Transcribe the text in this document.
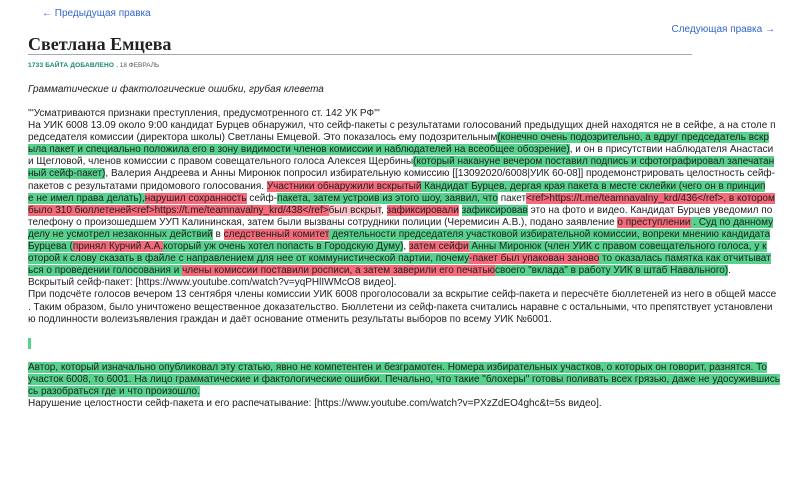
← Предыдущая правка
Следующая правка →
Светлана Емцева
1733 БАЙТА ДОБАВЛЕНО , 18 ФЕВРАЛЬ
Грамматические и фактологические ошибки, грубая клевета
'''Усматриваются признаки преступления, предусмотренного ст. 142 УК РФ'''
На УИК 6008 13.09 около 9:00 кандидат Бурцев обнаружил, что сейф-пакеты с результатами голосований предыдущих дней находятся не в сейфе, а на столе п
редседателя комиссии (директора школы) Светланы Емцевой. Это показалось ему подозрительным(конечно очень подозрительно, а вдруг председатель вскр
ыла пакет и специально положила его в зону видимости членов комиссии и наблюдателей на всеобщее обозрение), и он в присутствии наблюдателя Анастаси
и Щегловой, членов комиссии с правом совещательного голоса Алексея Щербины(который накануне вечером поставил подпись и сфотографировал запечатан
ный сейф-пакет), Валерия Андреева и Анны Миронюк попросил избирательную комиссию [[13092020/6008|УИК 60-08]] продемонстрировать целостность сейф-
пакетов с результатами придомового голосования. Участники обнаружили вскрытый Кандидат Бурцев, дергая края пакета в месте склейки (чего он в принцип
е не имел права делать),нарушил сохранность сейф-пакета, затем устроив из этого шоу, заявил, что пакет<ref>https://t.me/teamnavalny_krd/436</ref>, в котором
было 310 бюллетеней<ref>https://t.me/teamnavalny_krd/438</ref>был вскрыт, зафиксировали зафиксировав это на фото и видео. Кандидат Бурцев уведомил по
телефону о произошедшем УУП Калининская, затем были вызваны сотрудники полиции (Черемисин А.В.), подано заявление о преступлении . Суд по данному
делу не усмотрел незаконных действий в следственный комитет деятельности председателя участковой избирательной комиссии, вопреки мнению кандидата
Бурцева (принял Курчий А.А.который уж очень хотел попасть в Городскую Думу), затем сейфи Анны Миронюк (член УИК с правом совещательного голоса, у к
оторой к слову сказать в файле с направлением для нее от коммунистической партии, почему-пакет был упакован заново то оказалась памятка как отчитыват
ься о проведении голосования и члены комиссии поставили росписи, а затем заверили его печатьюсвоего "вклада" в работу УИК в штаб Навального).
Вскрытый сейф-пакет: [https://www.youtube.com/watch?v=yqPHlIWMcO8 видео].
При подсчёте голосов вечером 13 сентября члены комиссии УИК 6008 проголосовали за вскрытие сейф-пакета и пересчёте бюллетеней из него в общей массе
. Таким образом, было уничтожено вещественное доказательство. Бюллетени из сейф-пакета считались наравне с остальными, что препятствует установлени
ю подлинности волеизъявления граждан и даёт основание отменить результаты выборов по всему УИК №6001.
Автор, который изначально опубликовал эту статью, явно не компетентен и безграмотен. Номера избирательных участков, о которых он говорит, разнятся. То
участок 6008, то 6001. На лицо грамматические и фактологические ошибки. Печально, что такие "блохеры" готовы поливать всех грязью, даже не удосужившись
сь разобраться где и что произошло.
Нарушение целостности сейф-пакета и его распечатывание: [https://www.youtube.com/watch?v=PXzZdEO4ghc&t=5s видео].
